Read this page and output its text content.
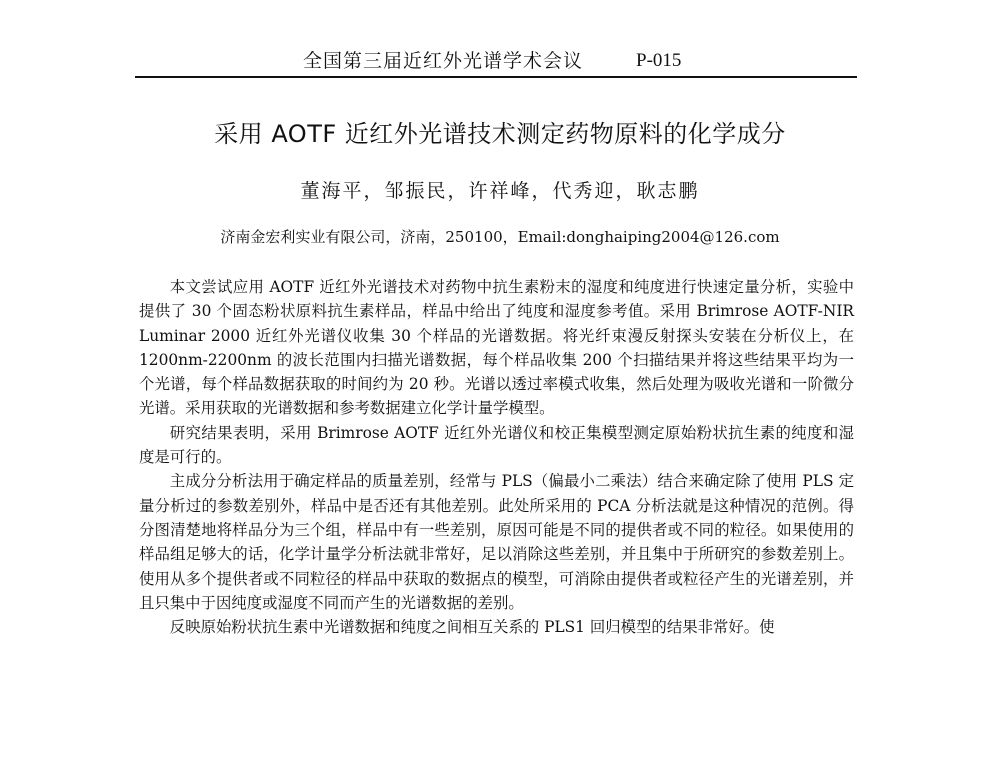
全国第三届近红外光谱学术会议	P-015
采用 AOTF 近红外光谱技术测定药物原料的化学成分
董海平，邹振民，许祥峰，代秀迎，耿志鹏
济南金宏利实业有限公司，济南，250100，Email:donghaiping2004@126.com

本文尝试应用 AOTF 近红外光谱技术对药物中抗生素粉末的湿度和纯度进行快速定量分析，实验中提供了 30 个固态粉状原料抗生素样品，样品中给出了纯度和湿度参考值。采用 Brimrose AOTF-NIR Luminar 2000 近红外光谱仪收集 30 个样品的光谱数据。将光纤束漫反射探头安装在分析仪上，在 1200nm-2200nm 的波长范围内扫描光谱数据，每个样品收集 200 个扫描结果并将这些结果平均为一个光谱，每个样品数据获取的时间约为 20 秒。光谱以透过率模式收集，然后处理为吸收光谱和一阶微分光谱。采用获取的光谱数据和参考数据建立化学计量学模型。

研究结果表明，采用 Brimrose AOTF 近红外光谱仪和校正集模型测定原始粉状抗生素的纯度和湿度是可行的。

主成分分析法用于确定样品的质量差别，经常与 PLS（偏最小二乘法）结合来确定除了使用 PLS 定量分析过的参数差别外，样品中是否还有其他差别。此处所采用的 PCA 分析法就是这种情况的范例。得分图清楚地将样品分为三个组，样品中有一些差别，原因可能是不同的提供者或不同的粒径。如果使用的样品组足够大的话，化学计量学分析法就非常好，足以消除这些差别，并且集中于所研究的参数差别上。使用从多个提供者或不同粒径的样品中获取的数据点的模型，可消除由提供者或粒径产生的光谱差别，并且只集中于因纯度或湿度不同而产生的光谱数据的差别。

反映原始粉状抗生素中光谱数据和纯度之间相互关系的 PLS1 回归模型的结果非常好。使
